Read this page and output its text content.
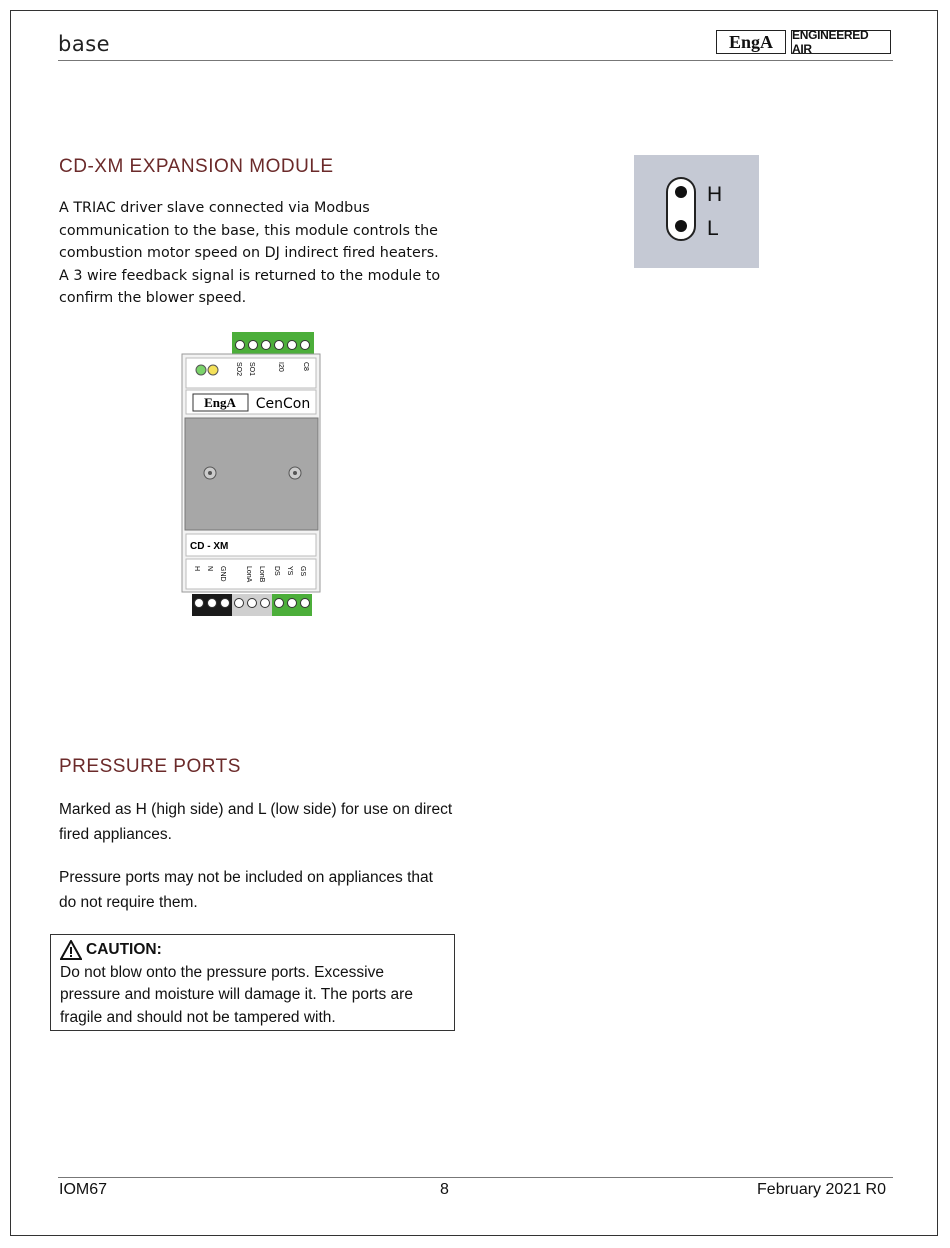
base	EngA	ENGINEERED AIR
CD-XM EXPANSION MODULE

A TRIAC driver slave connected via Modbus communication to the base, this module controls the combustion motor speed on DJ indirect fired heaters. A 3 wire feedback signal is returned to the module to confirm the blower speed.

SO2 SO1	I20	C8
EngA CenCon
CD - XM
H N GND	LonA LonB DS YS GS
H
L
PRESSURE PORTS

Marked as H (high side) and L (low side) for use on direct fired appliances.

Pressure ports may not be included on appliances that do not require them.

CAUTION:
Do not blow onto the pressure ports. Excessive pressure and moisture will damage it. The ports are fragile and should not be tampered with.
IOM67	8	February 2021 R0
